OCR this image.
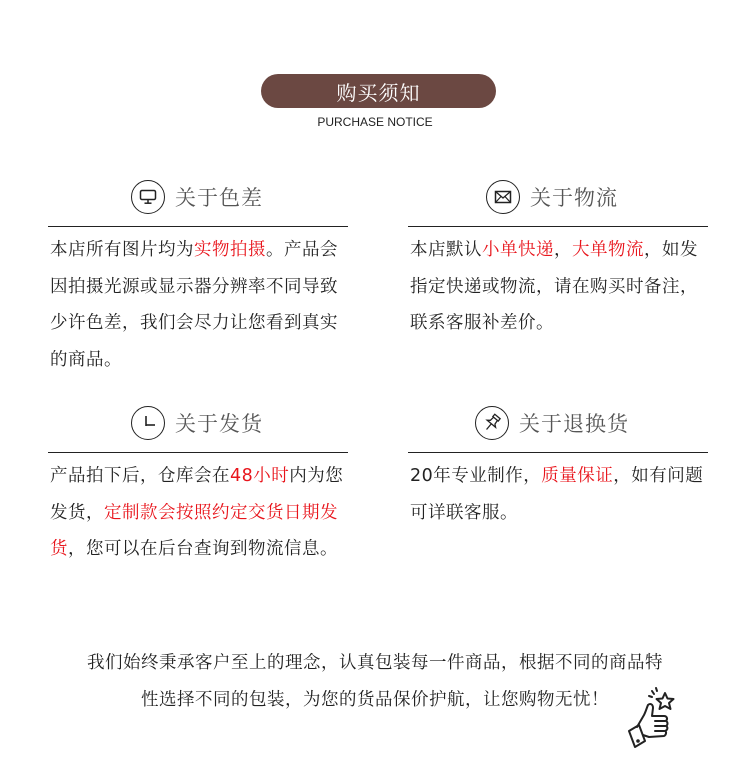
购买须知
PURCHASE NOTICE
关于色差
本店所有图片均为实物拍摄。产品会因拍摄光源或显示器分辨率不同导致少许色差，我们会尽力让您看到真实的商品。
关于物流
本店默认小单快递，大单物流，如发指定快递或物流，请在购买时备注，联系客服补差价。
关于发货
产品拍下后，仓库会在48小时内为您发货，定制款会按照约定交货日期发货，您可以在后台查询到物流信息。
关于退换货
20年专业制作，质量保证，如有问题可详联客服。
我们始终秉承客户至上的理念，认真包装每一件商品，根据不同的商品特
性选择不同的包装，为您的货品保价护航，让您购物无忧！
